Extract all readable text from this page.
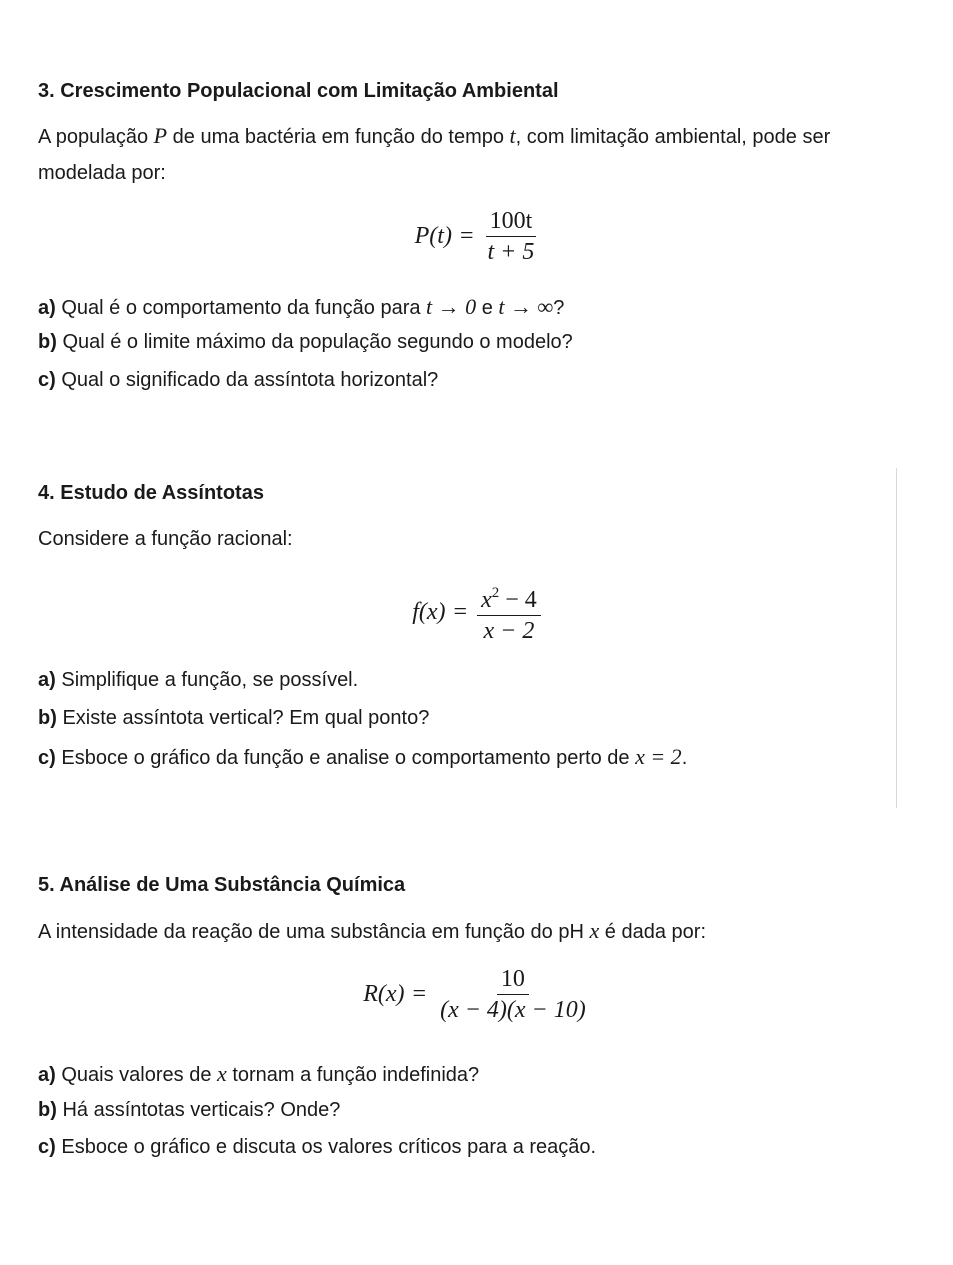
3. Crescimento Populacional com Limitação Ambiental

A população P de uma bactéria em função do tempo t, com limitação ambiental, pode ser modelada por:

$P(t) = \frac{100t}{t + 5}$
a) Qual é o comportamento da função para t → 0 e t → ∞?
b) Qual é o limite máximo da população segundo o modelo?
c) Qual o significado da assíntota horizontal?
4. Estudo de Assíntotas

Considere a função racional:

$f(x) = \frac{x^2 - 4}{x - 2}$
a) Simplifique a função, se possível.
b) Existe assíntota vertical? Em qual ponto?
c) Esboce o gráfico da função e analise o comportamento perto de x = 2.
5. Análise de Uma Substância Química

A intensidade da reação de uma substância em função do pH x é dada por:

$R(x) = \frac{10}{(x - 4)(x - 10)}$
a) Quais valores de x tornam a função indefinida?
b) Há assíntotas verticais? Onde?
c) Esboce o gráfico e discuta os valores críticos para a reação.
